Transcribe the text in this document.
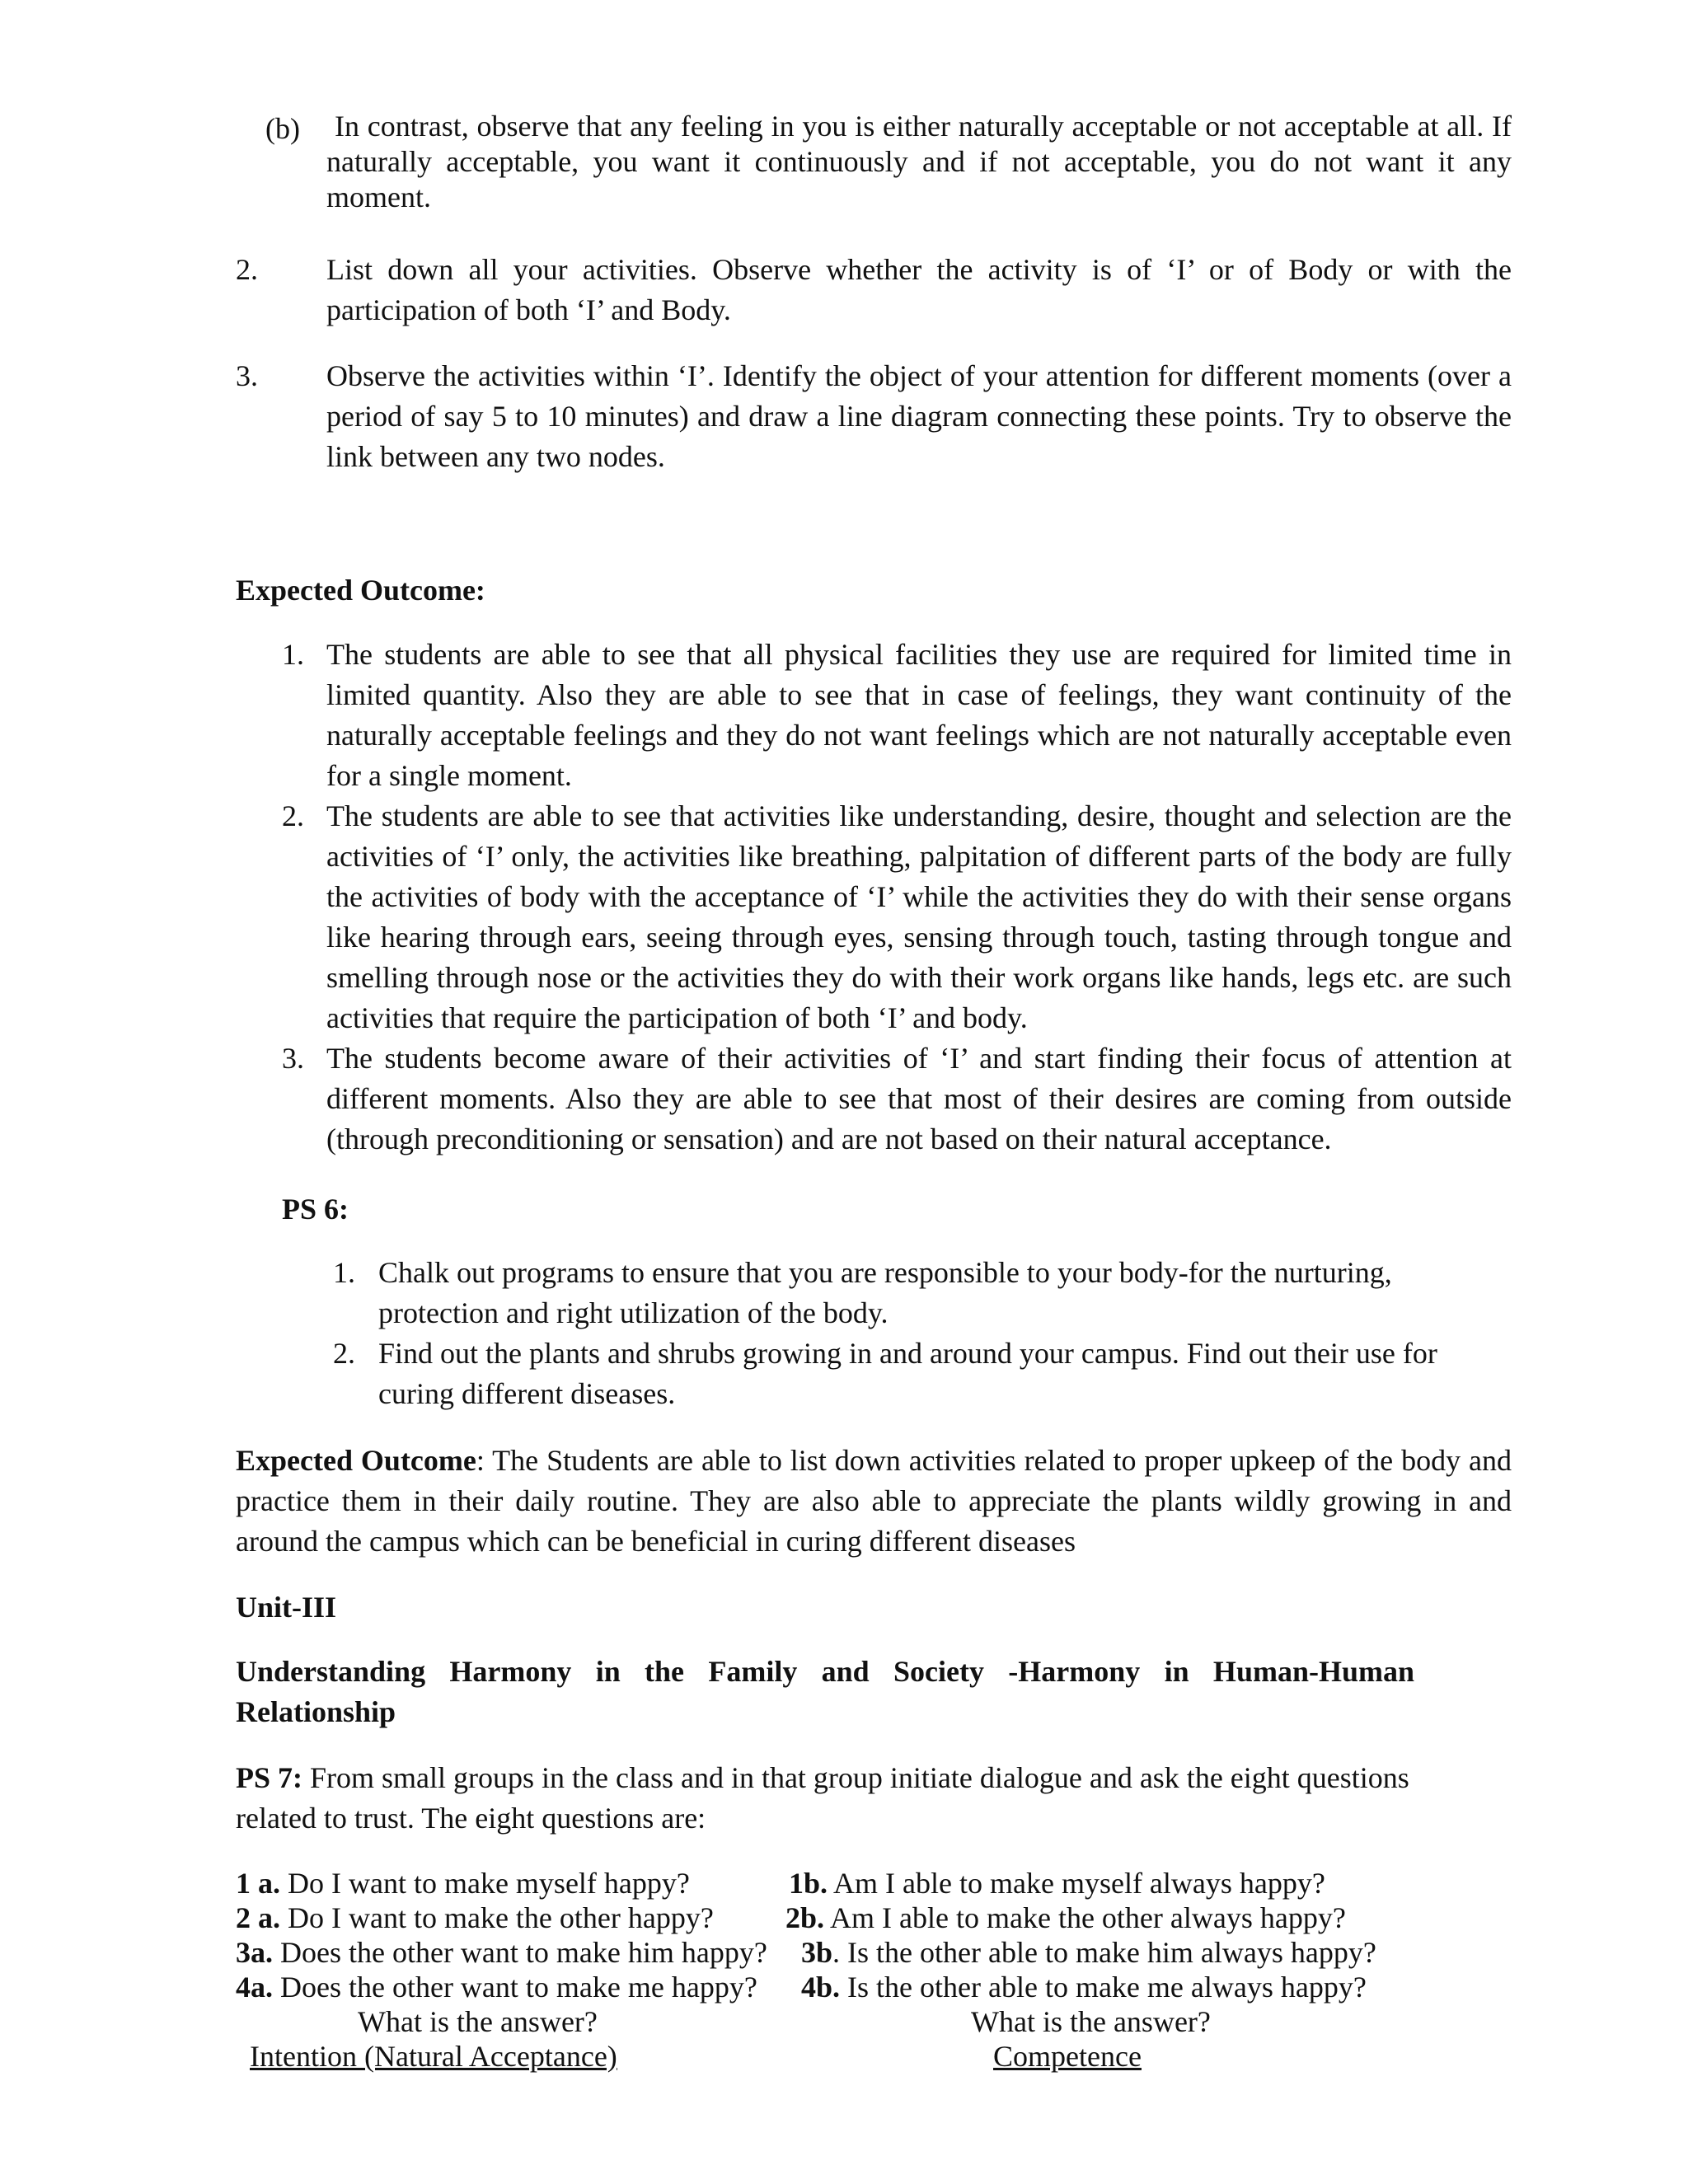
(b) In contrast, observe that any feeling in you is either naturally acceptable or not acceptable at all. If naturally acceptable, you want it continuously and if not acceptable, you do not want it any moment.
2. List down all your activities. Observe whether the activity is of ‘I’ or of Body or with the participation of both ‘I’ and Body.
3. Observe the activities within ‘I’. Identify the object of your attention for different moments (over a period of say 5 to 10 minutes) and draw a line diagram connecting these points. Try to observe the link between any two nodes.
Expected Outcome:
1. The students are able to see that all physical facilities they use are required for limited time in limited quantity. Also they are able to see that in case of feelings, they want continuity of the naturally acceptable feelings and they do not want feelings which are not naturally acceptable even for a single moment.
2. The students are able to see that activities like understanding, desire, thought and selection are the activities of ‘I’ only, the activities like breathing, palpitation of different parts of the body are fully the activities of body with the acceptance of ‘I’ while the activities they do with their sense organs like hearing through ears, seeing through eyes, sensing through touch, tasting through tongue and smelling through nose or the activities they do with their work organs like hands, legs etc. are such activities that require the participation of both ‘I’ and body.
3. The students become aware of their activities of ‘I’ and start finding their focus of attention at different moments. Also they are able to see that most of their desires are coming from outside (through preconditioning or sensation) and are not based on their natural acceptance.
PS 6:
1. Chalk out programs to ensure that you are responsible to your body-for the nurturing, protection and right utilization of the body.
2. Find out the plants and shrubs growing in and around your campus. Find out their use for curing different diseases.
Expected Outcome: The Students are able to list down activities related to proper upkeep of the body and practice them in their daily routine. They are also able to appreciate the plants wildly growing in and around the campus which can be beneficial in curing different diseases
Unit-III
Understanding Harmony in the Family and Society -Harmony in Human-Human Relationship
PS 7: From small groups in the class and in that group initiate dialogue and ask the eight questions related to trust. The eight questions are:
1 a. Do I want to make myself happy?	1b. Am I able to make myself always happy?
2 a. Do I want to make the other happy? 2b. Am I able to make the other always happy?
3a. Does the other want to make him happy? 3b. Is the other able to make him always happy?
4a. Does the other want to make me happy? 4b. Is the other able to make me always happy?
What is the answer?	What is the answer?
Intention (Natural Acceptance)	Competence
